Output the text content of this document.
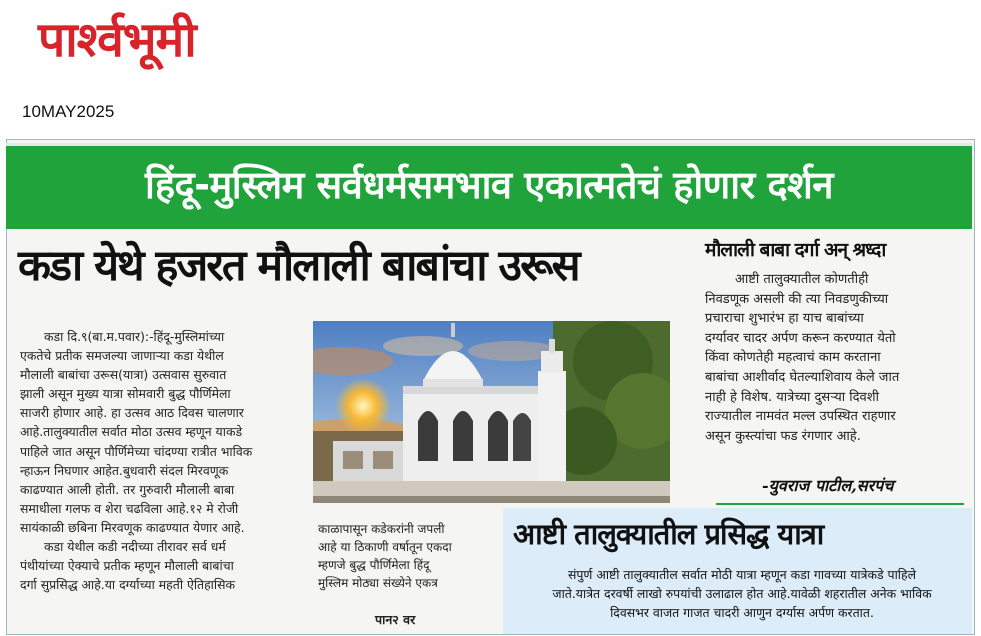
पार्श्वभूमी
10MAY2025
हिंदू-मुस्लिम सर्वधर्मसमभाव एकात्मतेचं होणार दर्शन
कडा येथे हजरत मौलाली बाबांचा उरूस
कडा दि.९(बा.म.पवार):-हिंदू-मुस्लिमांच्या
एकतेचे प्रतीक समजल्या जाणाऱ्या कडा येथील
मौलाली बाबांचा उरूस(यात्रा) उत्सवास सुरुवात
झाली असून मुख्य यात्रा सोमवारी बुद्ध पौर्णिमेला
साजरी होणार आहे. हा उत्सव आठ दिवस चालणार
आहे.तालुक्यातील सर्वात मोठा उत्सव म्हणून याकडे
पाहिले जात असून पौर्णिमेच्या चांदण्या रात्रीत भाविक
न्हाऊन निघणार आहेत.बुधवारी संदल मिरवणूक
काढण्यात आली होती. तर गुरुवारी मौलाली बाबा
समाधीला गलफ व शेरा चढविला आहे.१२ मे रोजी
सायंकाळी छबिना मिरवणूक काढण्यात येणार आहे.
कडा येथील कडी नदीच्या तीरावर सर्व धर्म
पंथीयांच्या ऐक्याचे प्रतीक म्हणून मौलाली बाबांचा
दर्गा सुप्रसिद्ध आहे.या दर्ग्याच्या महती ऐतिहासिक
काळापासून कडेकरांनी जपली
आहे या ठिकाणी वर्षातून एकदा
म्हणजे बुद्ध पौर्णिमेला हिंदू
मुस्लिम मोठ्या संख्येने एकत्र
पान२ वर
मौलाली बाबा दर्गा अन् श्रध्दा
आष्टी तालुक्यातील कोणतीही
निवडणूक असली की त्या निवडणुकीच्या
प्रचाराचा शुभारंभ हा याच बाबांच्या
दर्ग्यावर चादर अर्पण करून करण्यात येतो
किंवा कोणतेही महत्वाचं काम करताना
बाबांचा आशीर्वाद घेतल्याशिवाय केले जात
नाही हे विशेष. यात्रेच्या दुसऱ्या दिवशी
राज्यातील नामवंत मल्ल उपस्थित राहणार
असून कुस्त्यांचा फड रंगणार आहे.
-युवराज पाटील,सरपंच
आष्टी तालुक्यातील प्रसिद्ध यात्रा
संपुर्ण आष्टी तालुक्यातील सर्वात मोठी यात्रा म्हणून कडा गावच्या यात्रेकडे पाहिले
जाते.यात्रेत दरवर्षी लाखो रुपयांची उलाढाल होत आहे.यावेळी शहरातील अनेक भाविक
दिवसभर वाजत गाजत चादरी आणुन दर्ग्यास अर्पण करतात.
